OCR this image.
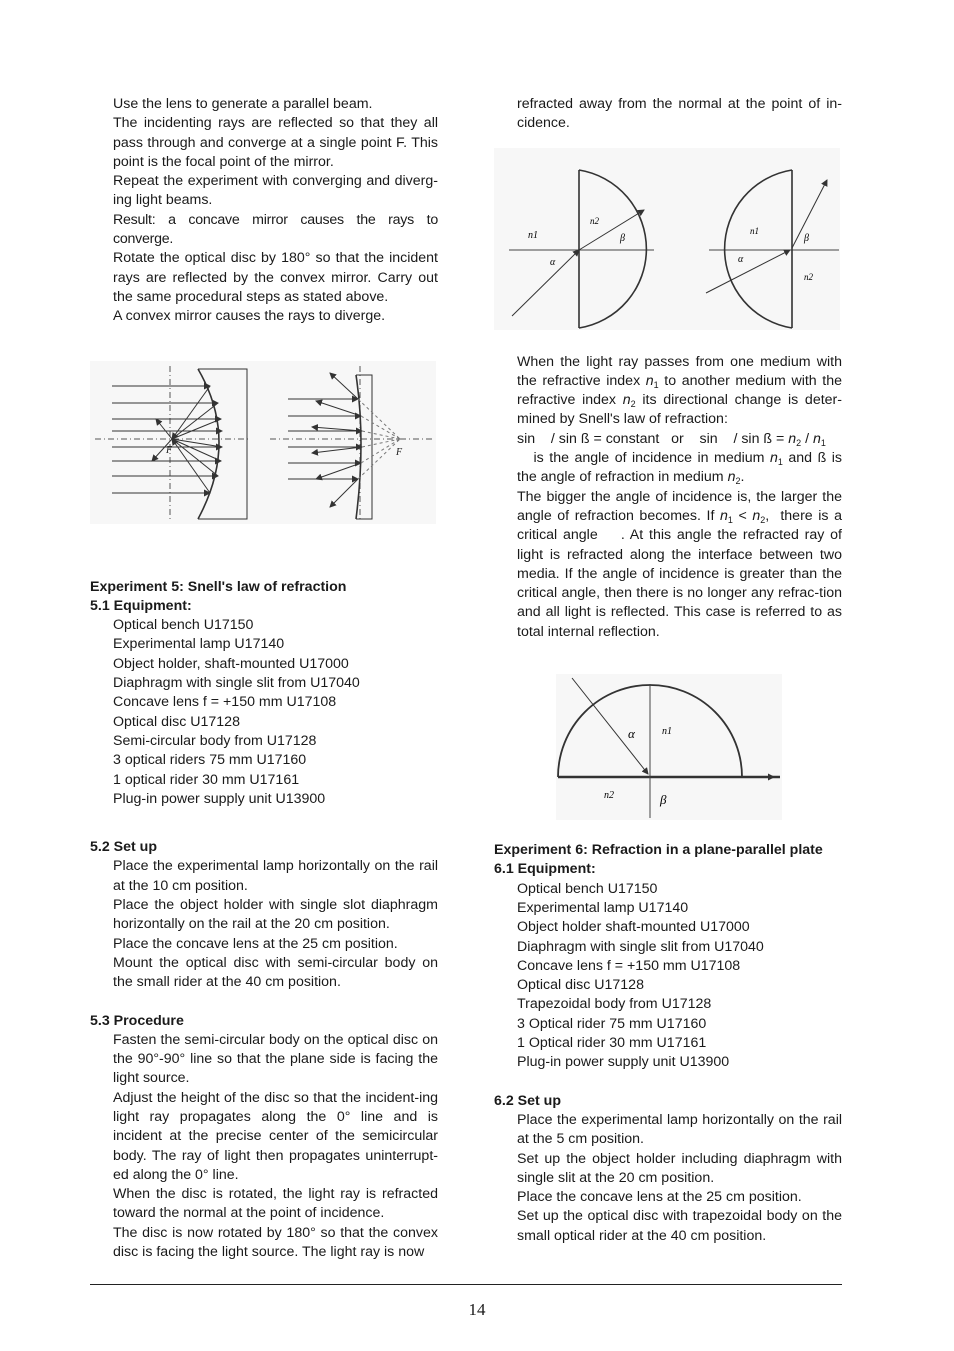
Use the lens to generate a parallel beam.

The incidenting rays are reflected so that they all pass through and converge at a single point F. This point is the focal point of the mirror.

Repeat the experiment with converging and diverg-ing light beams.

Result: a concave mirror causes the rays to converge.

Rotate the optical disc by 180° so that the incident rays are reflected by the convex mirror. Carry out the same procedural steps as stated above.

A convex mirror causes the rays to diverge.

F	F

Experiment 5: Snell's law of refraction

5.1 Equipment:

Optical bench U17150
Experimental lamp U17140
Object holder, shaft-mounted U17000
Diaphragm with single slit from U17040
Concave lens f = +150 mm U17108
Optical disc U17128
Semi-circular body from U17128
3 optical riders 75 mm U17160
1 optical rider 30 mm U17161
Plug-in power supply unit U13900

5.2 Set up

Place the experimental lamp horizontally on the rail at the 10 cm position.

Place the object holder with single slot diaphragm horizontally on the rail at the 20 cm position.

Place the concave lens at the 25 cm position.

Mount the optical disc with semi-circular body on the small rider at the 40 cm position.

5.3 Procedure

Fasten the semi-circular body on the optical disc on the 90°-90° line so that the plane side is facing the light source.

Adjust the height of the disc so that the incident-ing light ray propagates along the 0° line and is incident at the precise center of the semicircular body. The ray of light then propagates uninterrupt-ed along the 0° line.

When the disc is rotated, the light ray is refracted toward the normal at the point of incidence.

The disc is now rotated by 180° so that the convex disc is facing the light source. The light ray is now

refracted away from the normal at the point of in-cidence.

n1
n2
α
β
n1
n2
α
β

When the light ray passes from one medium with the refractive index $n_1$ to another medium with the refractive index $n_2$ its directional change is deter-mined by Snell's law of refraction:

sin    / sin ß = constant   or    sin    / sin ß = $n_2 / n_1$

is the angle of incidence in medium $n_1$ and ß is the angle of refraction in medium $n_2$.

The bigger the angle of incidence is, the larger the angle of refraction becomes. If $n_1 < n_2$,  there is a critical angle    . At this angle the refracted ray of light is refracted along the interface between two media. If the angle of incidence is greater than the critical angle, then there is no longer any refrac-tion and all light is reflected. This case is referred to as total internal reflection.

α	n1
n2	β

Experiment 6: Refraction in a plane-parallel plate

6.1 Equipment:

Optical bench U17150
Experimental lamp U17140
Object holder shaft-mounted U17000
Diaphragm with single slit from U17040
Concave lens f = +150 mm U17108
Optical disc U17128
Trapezoidal body from U17128
3 Optical rider 75 mm U17160
1 Optical rider 30 mm U17161
Plug-in power supply unit U13900

6.2 Set up

Place the experimental lamp horizontally on the rail at the 5 cm position.

Set up the object holder including diaphragm with single slit at the 20 cm position.

Place the concave lens at the 25 cm position.

Set up the optical disc with trapezoidal body on the small optical rider at the 40 cm position.

14
